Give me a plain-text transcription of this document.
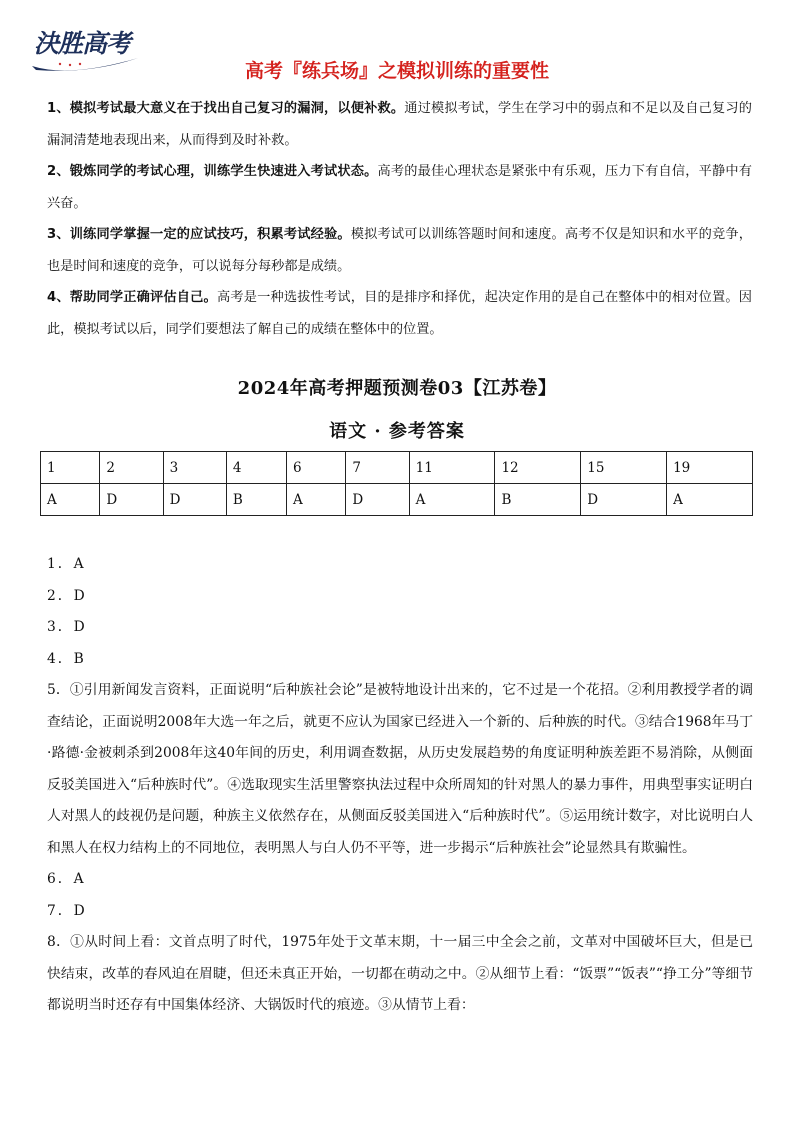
決胜高考
高考『练兵场』之模拟训练的重要性

1、模拟考试最大意义在于找出自己复习的漏洞，以便补救。通过模拟考试，学生在学习中的弱点和不足以及自己复习的漏洞清楚地表现出来，从而得到及时补救。

2、锻炼同学的考试心理，训练学生快速进入考试状态。高考的最佳心理状态是紧张中有乐观，压力下有自信，平静中有兴奋。

3、训练同学掌握一定的应试技巧，积累考试经验。模拟考试可以训练答题时间和速度。高考不仅是知识和水平的竞争，也是时间和速度的竞争，可以说每分每秒都是成绩。

4、帮助同学正确评估自己。高考是一种选拔性考试，目的是排序和择优，起决定作用的是自己在整体中的相对位置。因此，模拟考试以后，同学们要想法了解自己的成绩在整体中的位置。

2024年高考押题预测卷03【江苏卷】
语文 · 参考答案
1	2	3	4	6	7	11	12	15	19
A	D	D	B	A	D	A	B	D	A

1．A

2．D

3．D

4．B

5．①引用新闻发言资料，正面说明“后种族社会论”是被特地设计出来的，它不过是一个花招。②利用教授学者的调查结论，正面说明2008年大选一年之后，就更不应认为国家已经进入一个新的、后种族的时代。③结合1968年马丁·路德·金被刺杀到2008年这40年间的历史，利用调查数据，从历史发展趋势的角度证明种族差距不易消除，从侧面反驳美国进入“后种族时代”。④选取现实生活里警察执法过程中众所周知的针对黑人的暴力事件，用典型事实证明白人对黑人的歧视仍是问题，种族主义依然存在，从侧面反驳美国进入“后种族时代”。⑤运用统计数字，对比说明白人和黑人在权力结构上的不同地位，表明黑人与白人仍不平等，进一步揭示“后种族社会”论显然具有欺骗性。

6．A

7．D

8．①从时间上看：文首点明了时代，1975年处于文革末期，十一届三中全会之前，文革对中国破坏巨大，但是已快结束，改革的春风迫在眉睫，但还未真正开始，一切都在萌动之中。②从细节上看：“饭票”“饭表”“挣工分”等细节都说明当时还存有中国集体经济、大锅饭时代的痕迹。③从情节上看：
